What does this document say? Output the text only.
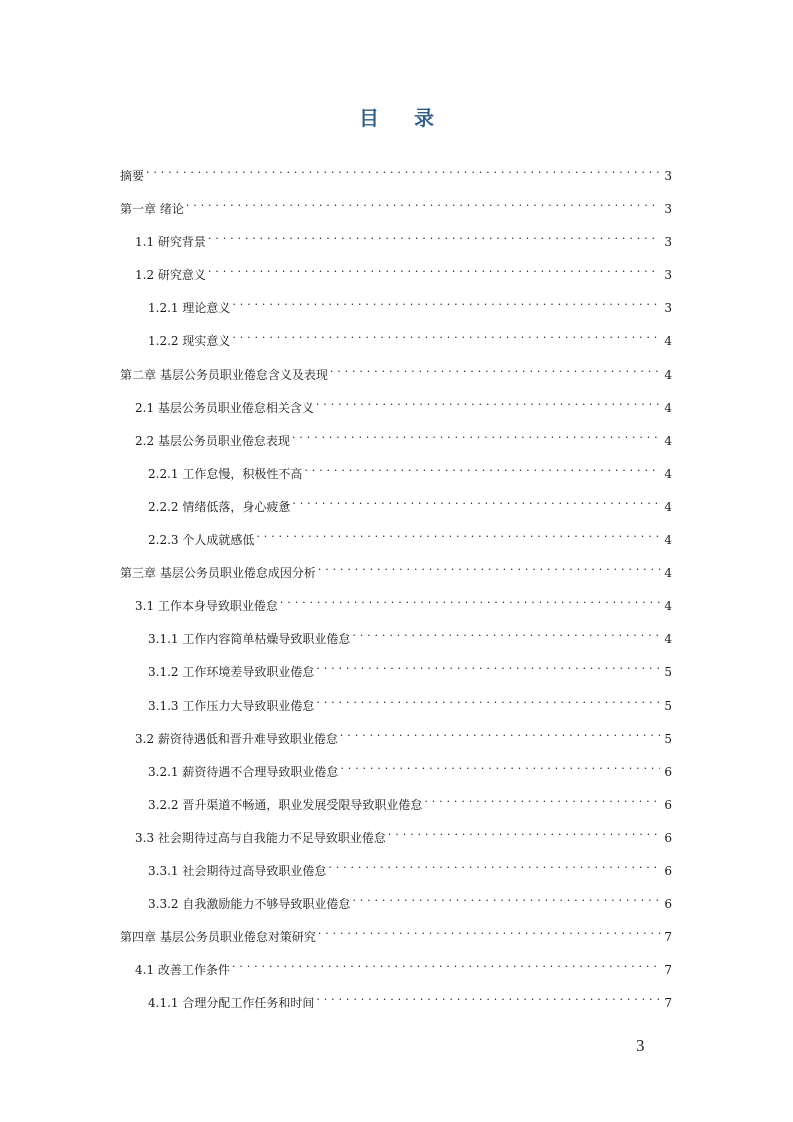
目 录
摘要 . . .	3
第一章 绪论 . . .	3
1.1 研究背景 . . .	3
1.2 研究意义 . . .	3
1.2.1 理论意义 . . .	3
1.2.2 现实意义 . . .	4
第二章 基层公务员职业倦怠含义及表现 . . .	4
2.1 基层公务员职业倦怠相关含义 . . .	4
2.2 基层公务员职业倦怠表现 . . .	4
2.2.1 工作怠慢，积极性不高 . . .	4
2.2.2 情绪低落，身心疲惫 . . .	4
2.2.3 个人成就感低 . . .	4
第三章 基层公务员职业倦怠成因分析 . . .	4
3.1 工作本身导致职业倦怠 . . .	4
3.1.1 工作内容简单枯燥导致职业倦怠 . . .	4
3.1.2 工作环境差导致职业倦怠 . . .	5
3.1.3 工作压力大导致职业倦怠 . . .	5
3.2 薪资待遇低和晋升难导致职业倦怠 . . .	5
3.2.1 薪资待遇不合理导致职业倦怠 . . .	6
3.2.2 晋升渠道不畅通，职业发展受限导致职业倦怠 . . .	6
3.3 社会期待过高与自我能力不足导致职业倦怠 . . .	6
3.3.1 社会期待过高导致职业倦怠 . . .	6
3.3.2 自我激励能力不够导致职业倦怠 . . .	6
第四章 基层公务员职业倦怠对策研究 . . .	7
4.1 改善工作条件 . . .	7
4.1.1 合理分配工作任务和时间 . . .	7
3
